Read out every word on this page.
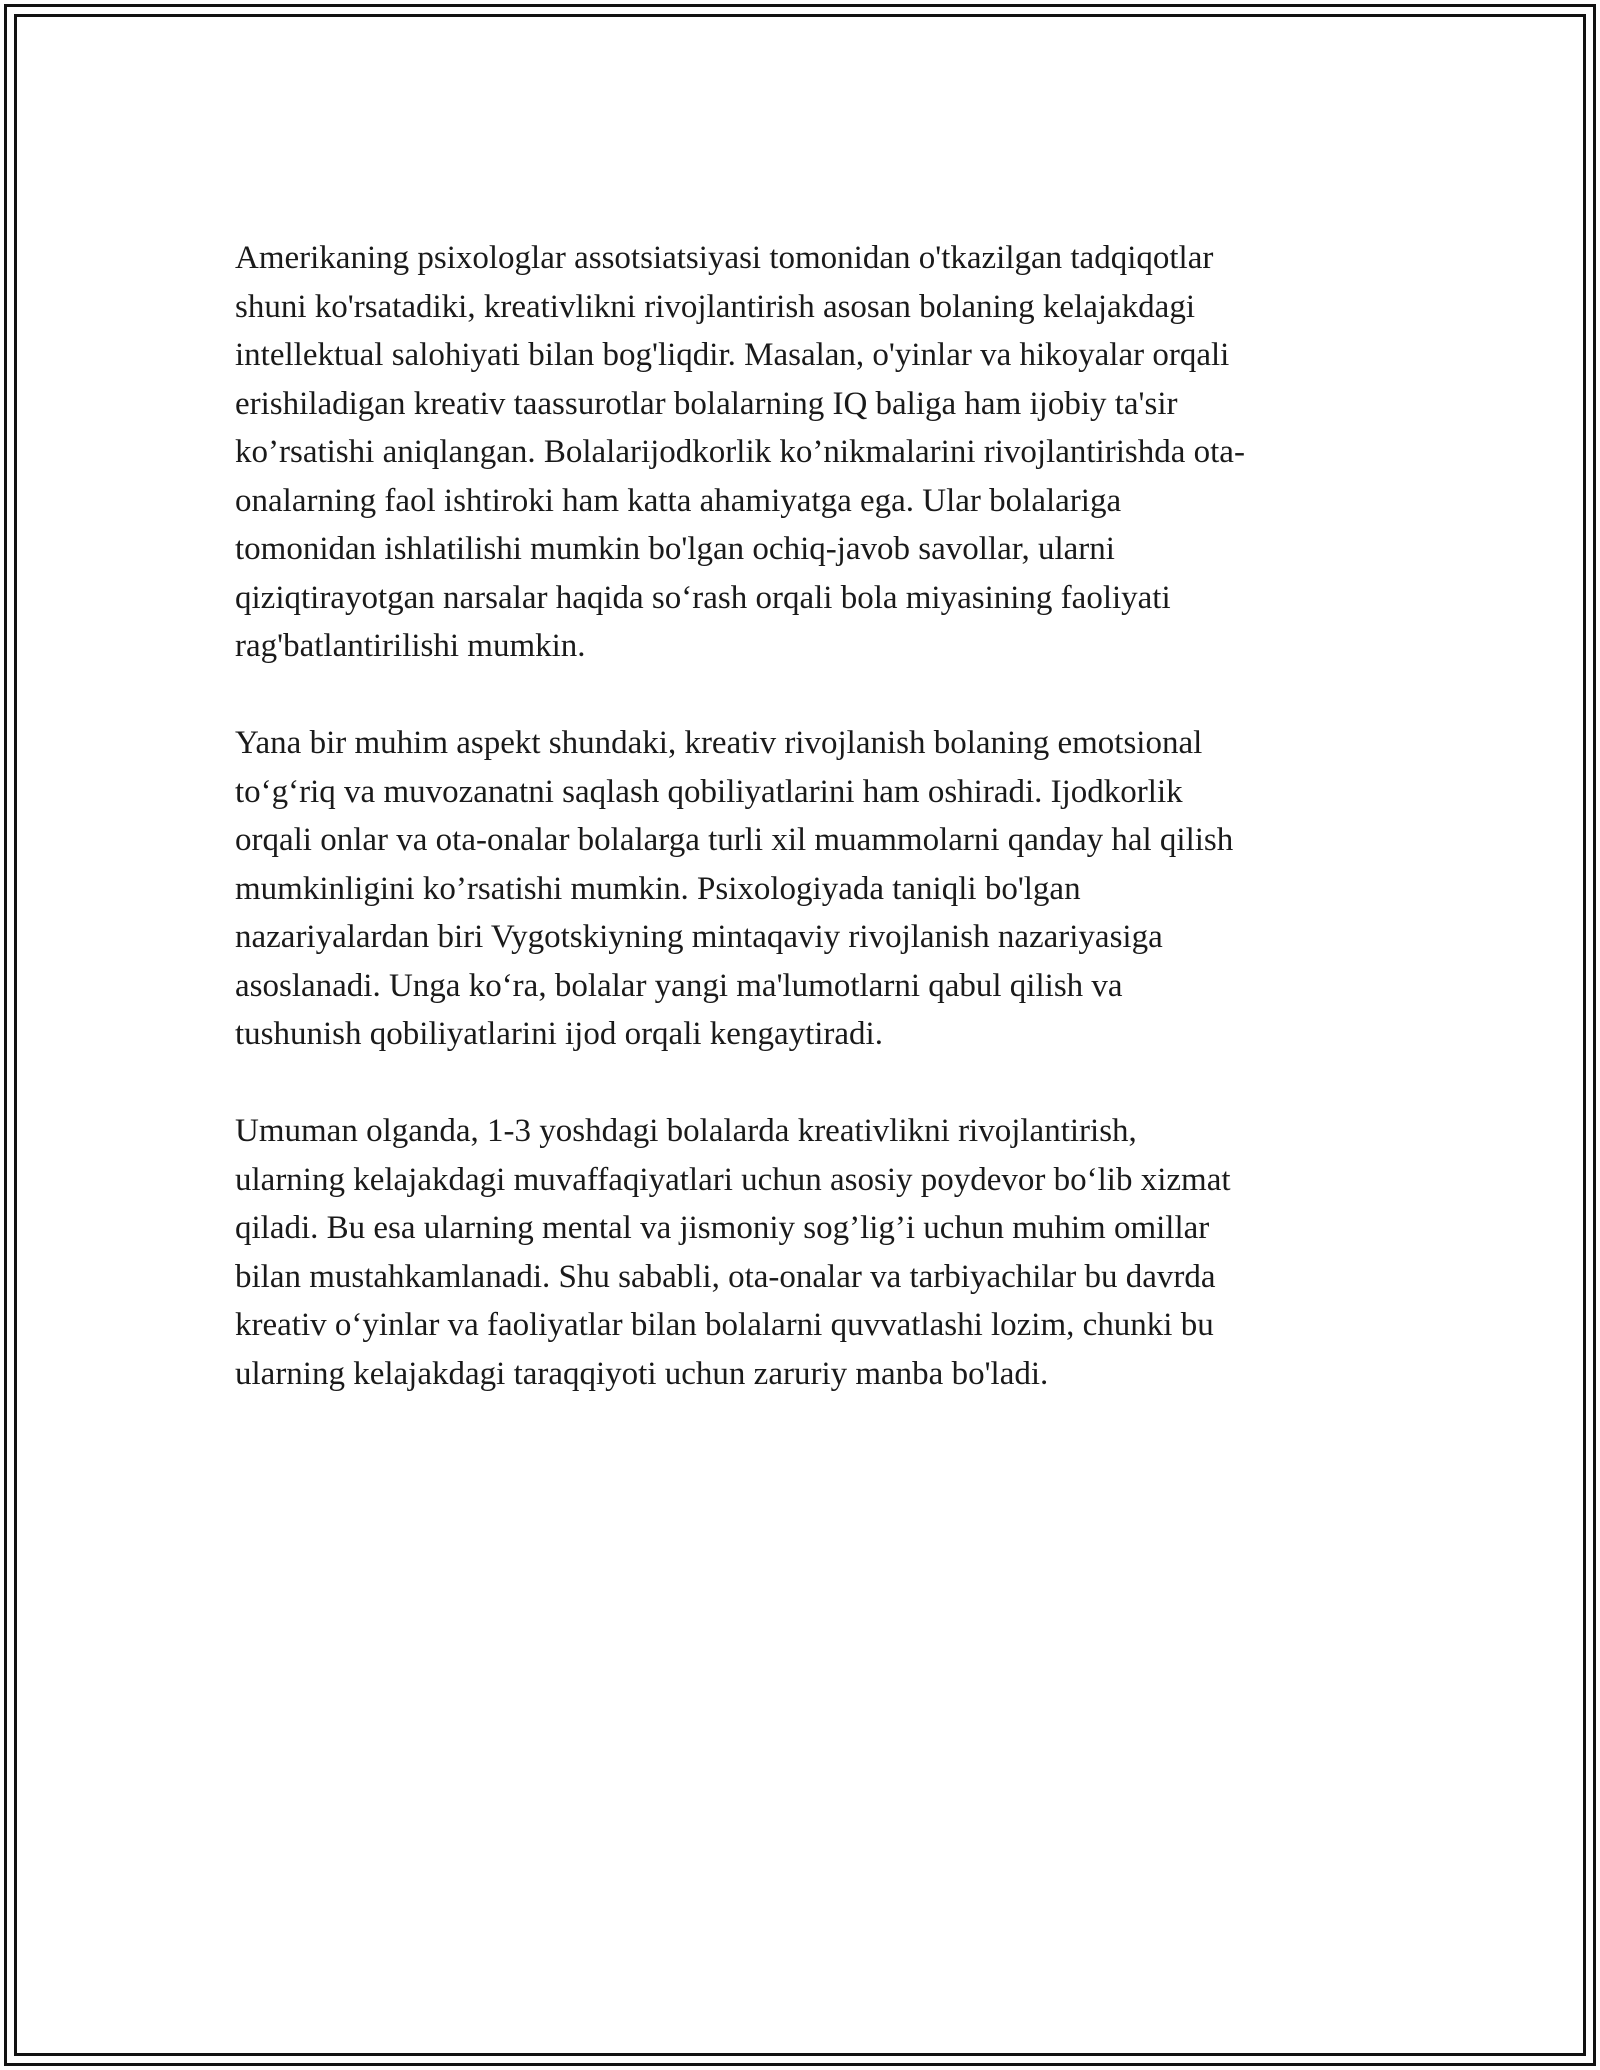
Amerikaning psixologlar assotsiatsiyasi tomonidan o'tkazilgan tadqiqotlar
shuni ko'rsatadiki, kreativlikni rivojlantirish asosan bolaning kelajakdagi
intellektual salohiyati bilan bog'liqdir. Masalan, o'yinlar va hikoyalar orqali
erishiladigan kreativ taassurotlar bolalarning IQ baliga ham ijobiy ta'sir
ko’rsatishi aniqlangan. Bolalarijodkorlik ko’nikmalarini rivojlantirishda ota-
onalarning faol ishtiroki ham katta ahamiyatga ega. Ular bolalariga
tomonidan ishlatilishi mumkin bo'lgan ochiq-javob savollar, ularni
qiziqtirayotgan narsalar haqida so‘rash orqali bola miyasining faoliyati
rag'batlantirilishi mumkin.

Yana bir muhim aspekt shundaki, kreativ rivojlanish bolaning emotsional
to‘g‘riq va muvozanatni saqlash qobiliyatlarini ham oshiradi. Ijodkorlik
orqali onlar va ota-onalar bolalarga turli xil muammolarni qanday hal qilish
mumkinligini ko’rsatishi mumkin. Psixologiyada taniqli bo'lgan
nazariyalardan biri Vygotskiyning mintaqaviy rivojlanish nazariyasiga
asoslanadi. Unga ko‘ra, bolalar yangi ma'lumotlarni qabul qilish va
tushunish qobiliyatlarini ijod orqali kengaytiradi.

Umuman olganda, 1-3 yoshdagi bolalarda kreativlikni rivojlantirish,
ularning kelajakdagi muvaffaqiyatlari uchun asosiy poydevor bo‘lib xizmat
qiladi. Bu esa ularning mental va jismoniy sog’lig’i uchun muhim omillar
bilan mustahkamlanadi. Shu sababli, ota-onalar va tarbiyachilar bu davrda
kreativ o‘yinlar va faoliyatlar bilan bolalarni quvvatlashi lozim, chunki bu
ularning kelajakdagi taraqqiyoti uchun zaruriy manba bo'ladi.
